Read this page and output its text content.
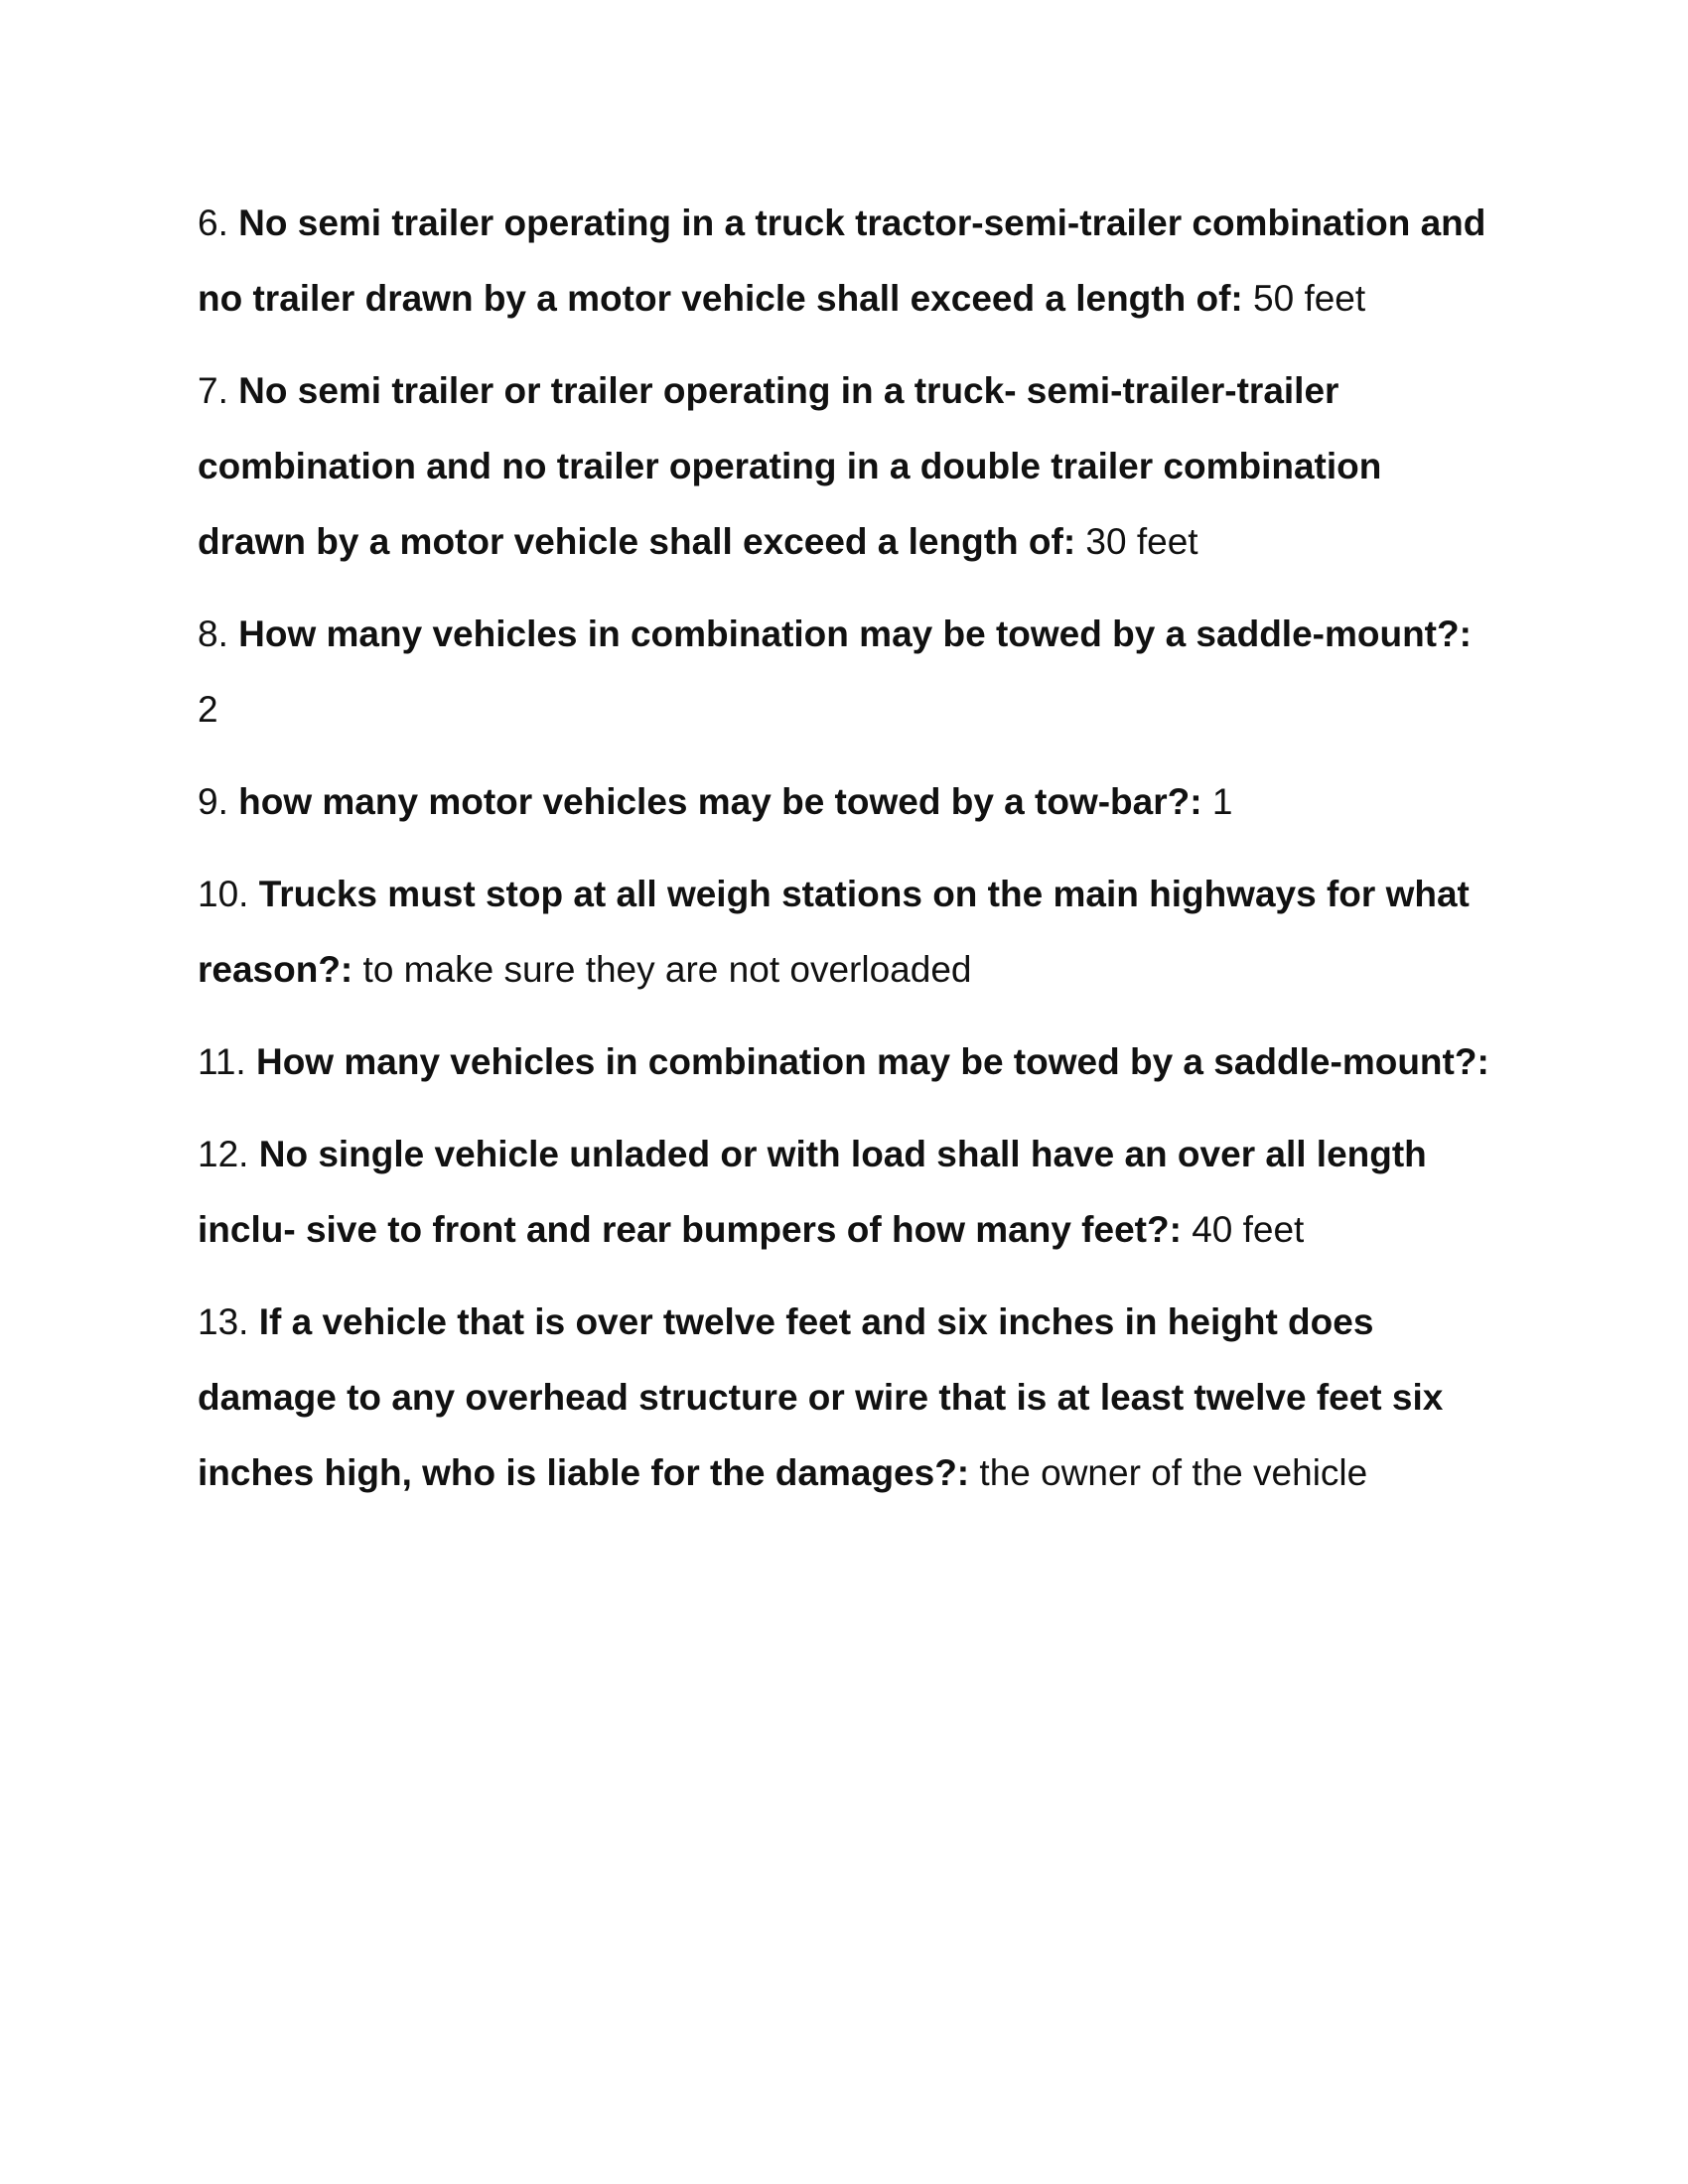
6. No semi trailer operating in a truck tractor-semi-trailer combination and no trailer drawn by a motor vehicle shall exceed a length of: 50 feet

7. No semi trailer or trailer operating in a truck- semi-trailer-trailer combination and no trailer operating in a double trailer combination drawn by a motor vehicle shall exceed a length of: 30 feet

8. How many vehicles in combination may be towed by a saddle-mount?: 2

9. how many motor vehicles may be towed by a tow-bar?: 1

10. Trucks must stop at all weigh stations on the main highways for what reason?: to make sure they are not overloaded

11. How many vehicles in combination may be towed by a saddle-mount?:

12. No single vehicle unladed or with load shall have an over all length inclu- sive to front and rear bumpers of how many feet?: 40 feet

13. If a vehicle that is over twelve feet and six inches in height does damage to any overhead structure or wire that is at least twelve feet six inches high, who is liable for the damages?: the owner of the vehicle
